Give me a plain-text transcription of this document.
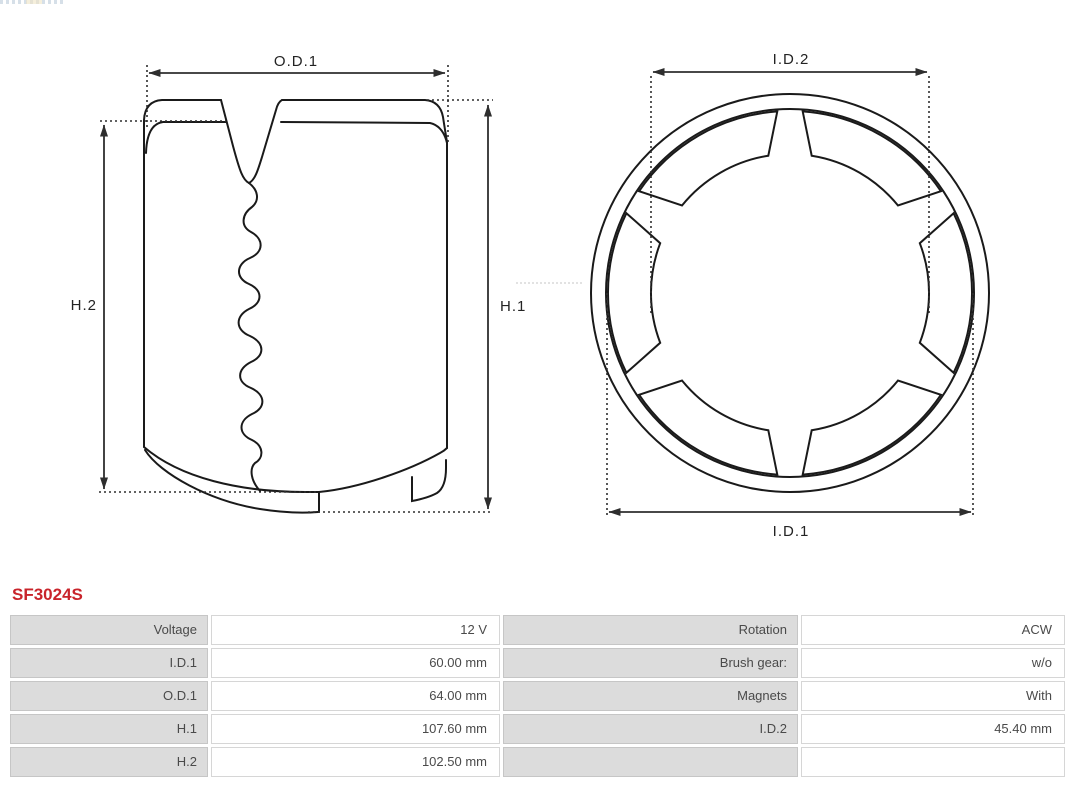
O.D.1
H.2	H.1
I.D.2
I.D.1
SF3024S
Voltage	12 V	Rotation	ACW
I.D.1	60.00 mm	Brush gear:	w/o
O.D.1	64.00 mm	Magnets	With
H.1	107.60 mm	I.D.2	45.40 mm
H.2	102.50 mm
